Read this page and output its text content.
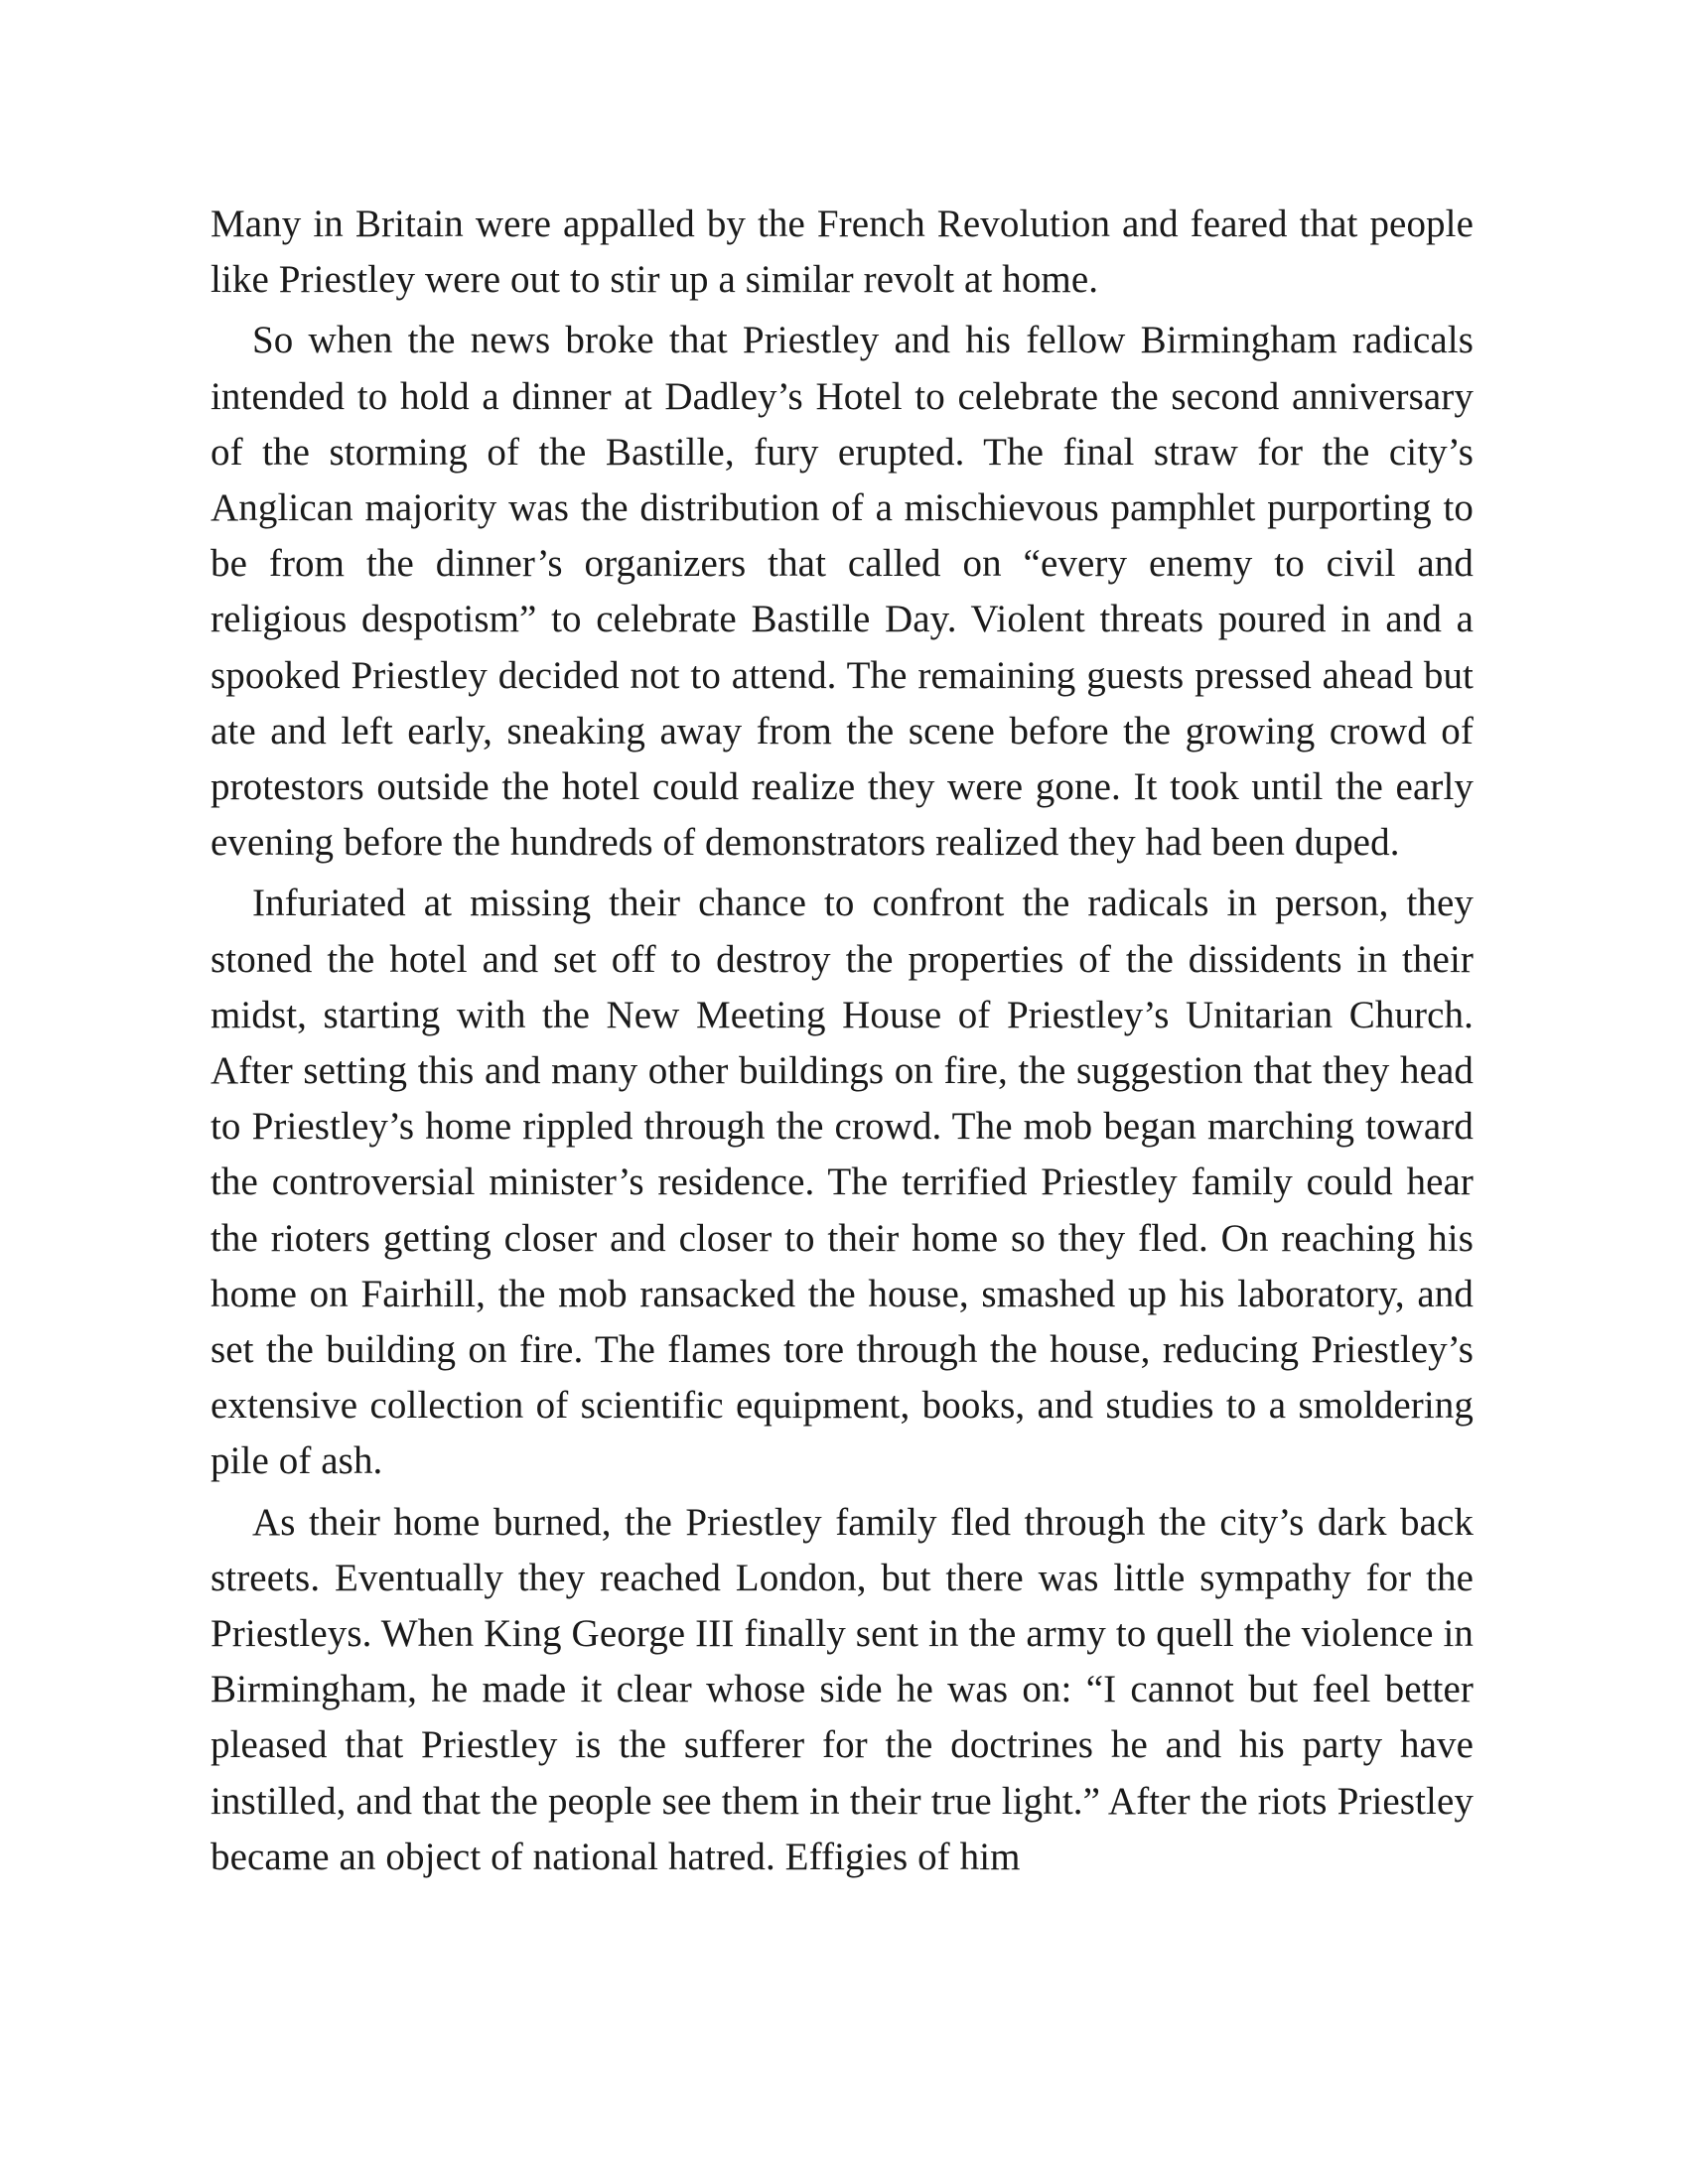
Many in Britain were appalled by the French Revolution and feared that people like Priestley were out to stir up a similar revolt at home.

So when the news broke that Priestley and his fellow Birmingham radicals intended to hold a dinner at Dadley’s Hotel to celebrate the second anniversary of the storming of the Bastille, fury erupted. The final straw for the city’s Anglican majority was the distribution of a mischievous pamphlet purporting to be from the dinner’s organizers that called on “every enemy to civil and religious despotism” to celebrate Bastille Day. Violent threats poured in and a spooked Priestley decided not to attend. The remaining guests pressed ahead but ate and left early, sneaking away from the scene before the growing crowd of protestors outside the hotel could realize they were gone. It took until the early evening before the hundreds of demonstrators realized they had been duped.

Infuriated at missing their chance to confront the radicals in person, they stoned the hotel and set off to destroy the properties of the dissidents in their midst, starting with the New Meeting House of Priestley’s Unitarian Church. After setting this and many other buildings on fire, the suggestion that they head to Priestley’s home rippled through the crowd. The mob began marching toward the controversial minister’s residence. The terrified Priestley family could hear the rioters getting closer and closer to their home so they fled. On reaching his home on Fairhill, the mob ransacked the house, smashed up his laboratory, and set the building on fire. The flames tore through the house, reducing Priestley’s extensive collection of scientific equipment, books, and studies to a smoldering pile of ash.

As their home burned, the Priestley family fled through the city’s dark back streets. Eventually they reached London, but there was little sympathy for the Priestleys. When King George III finally sent in the army to quell the violence in Birmingham, he made it clear whose side he was on: “I cannot but feel better pleased that Priestley is the sufferer for the doctrines he and his party have instilled, and that the people see them in their true light.” After the riots Priestley became an object of national hatred. Effigies of him
